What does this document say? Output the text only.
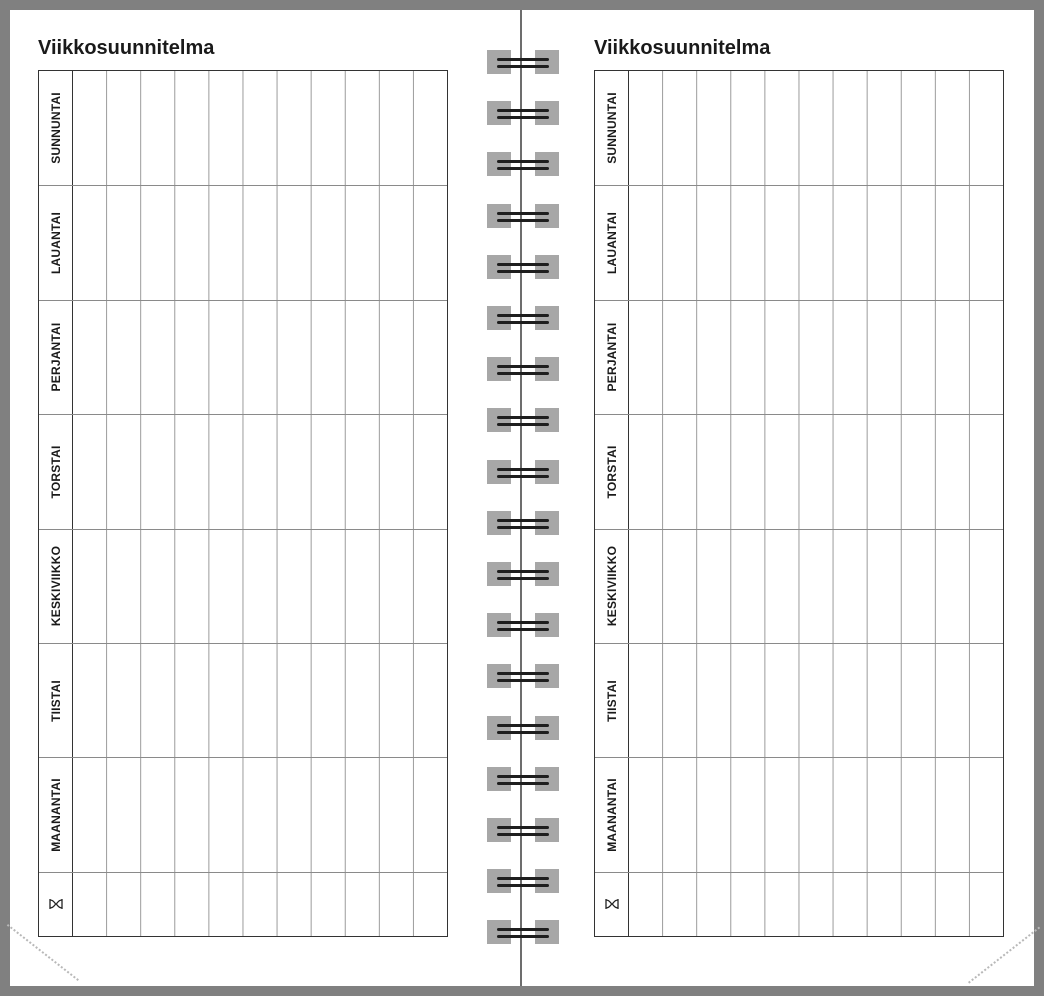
Viikkosuunnitelma
SUNNUNTAI
LAUANTAI
PERJANTAI
TORSTAI
KESKIVIIKKO
TIISTAI
MAANANTAI
Viikkosuunnitelma
SUNNUNTAI
LAUANTAI
PERJANTAI
TORSTAI
KESKIVIIKKO
TIISTAI
MAANANTAI
